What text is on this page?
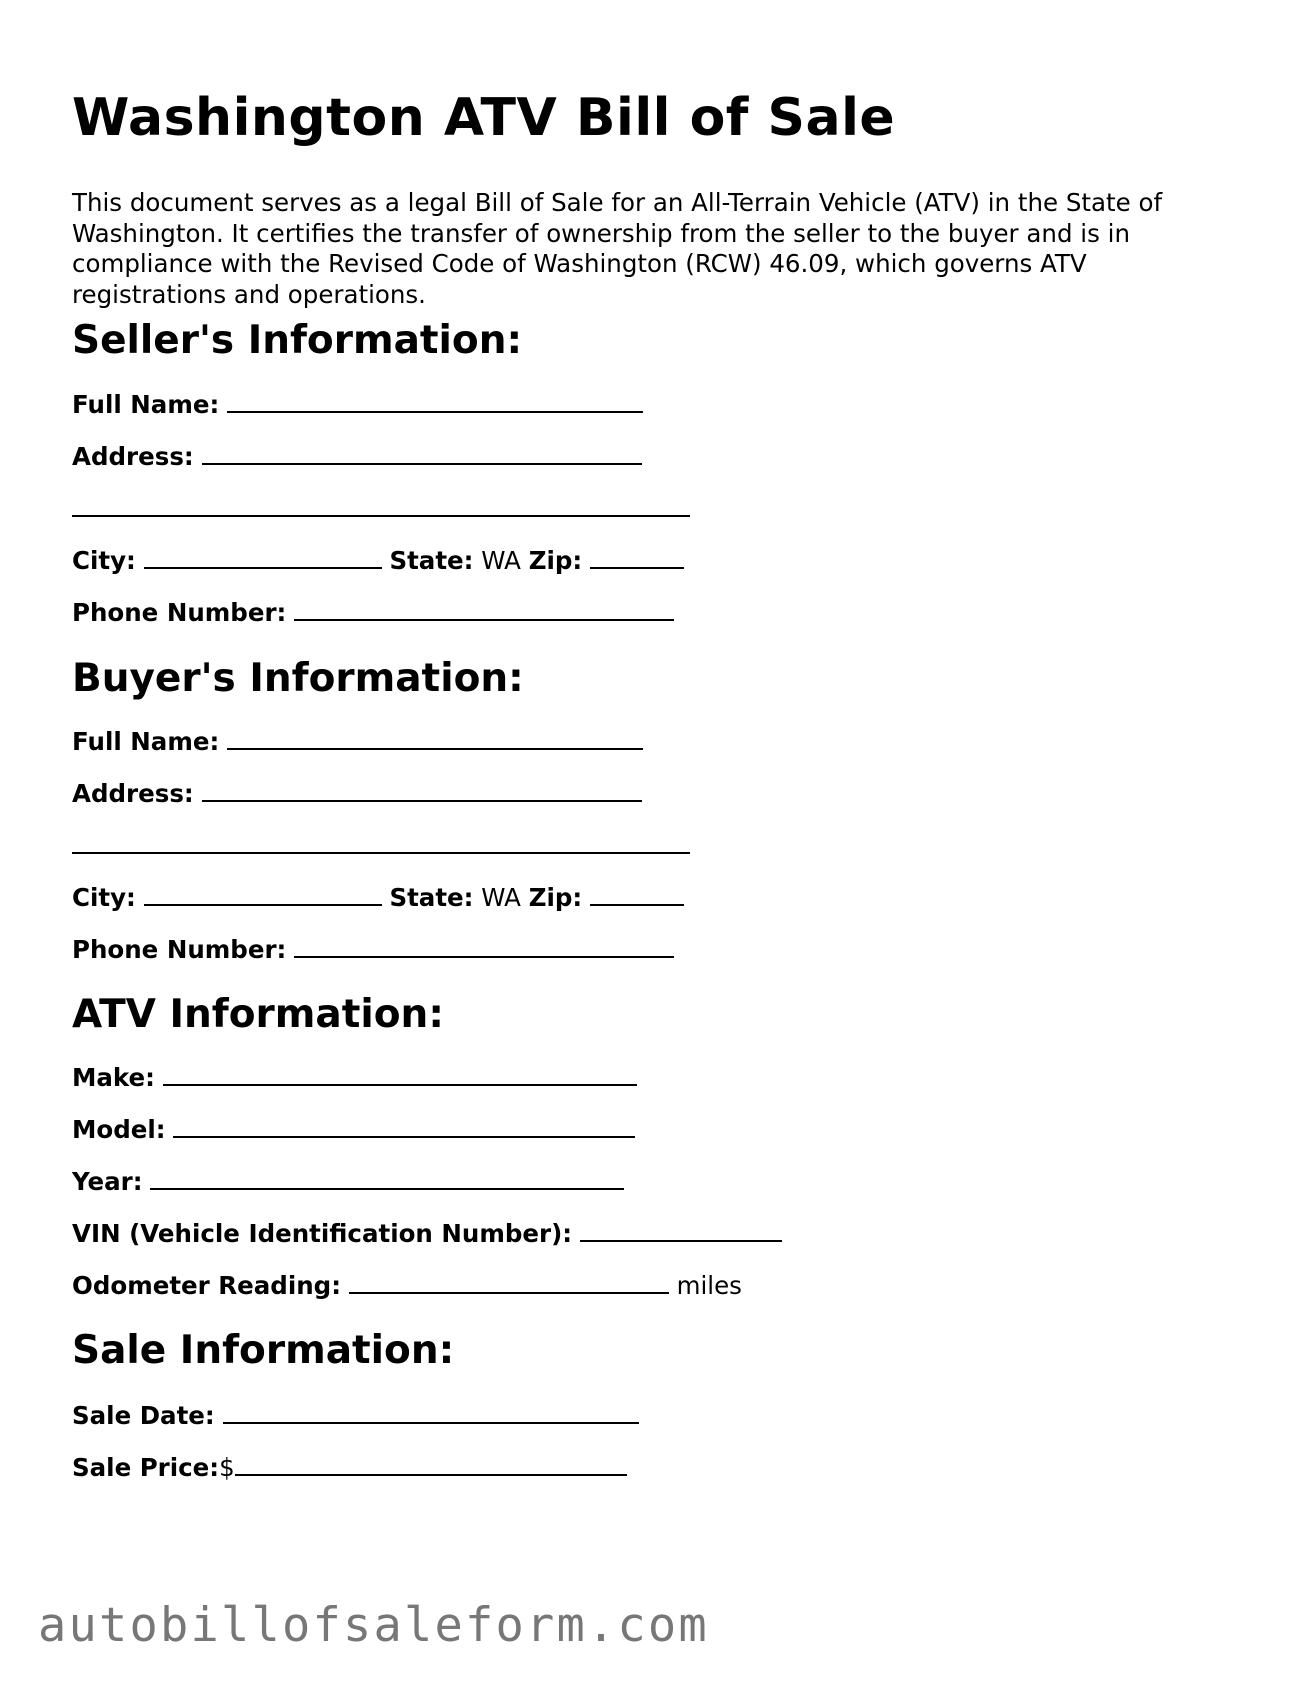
Washington ATV Bill of Sale

This document serves as a legal Bill of Sale for an All-Terrain Vehicle (ATV) in the State of Washington. It certifies the transfer of ownership from the seller to the buyer and is in compliance with the Revised Code of Washington (RCW) 46.09, which governs ATV registrations and operations.

Seller's Information:
Full Name:
Address:
City:	State: WA Zip:
Phone Number:
Buyer's Information:
Full Name:
Address:
City:	State: WA Zip:
Phone Number:
ATV Information:
Make:
Model:
Year:
VIN (Vehicle Identification Number):
Odometer Reading:	miles
Sale Information:
Sale Date:
Sale Price:$
autobillofsaleform.com
